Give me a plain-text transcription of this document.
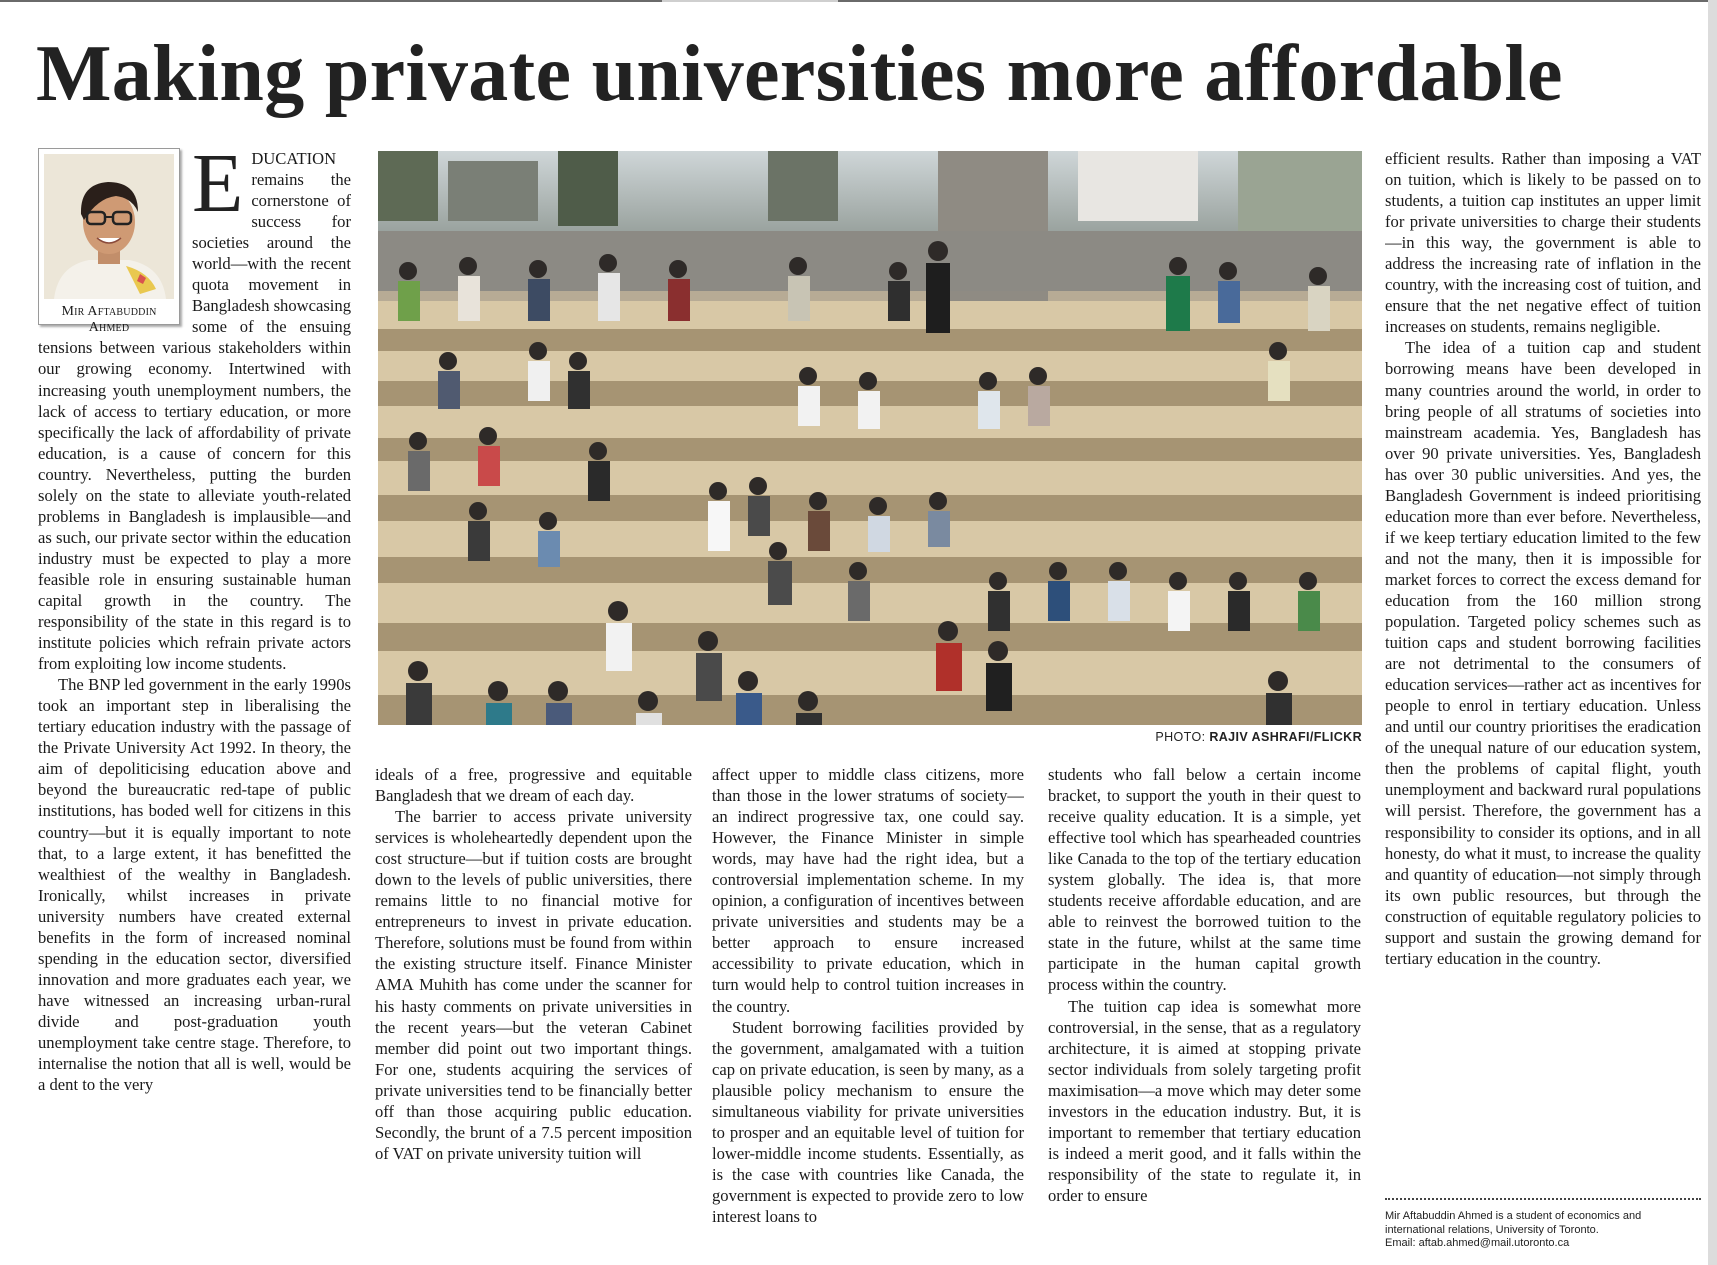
Making private universities more affordable
Mir Aftabuddin
Ahmed

EDUCATION remains the cornerstone of success for societies around the world—with the recent quota movement in Bangladesh showcasing some of the ensuing tensions between various stakeholders within our growing economy. Intertwined with increasing youth unemployment numbers, the lack of access to tertiary education, or more specifically the lack of affordability of private education, is a cause of concern for this country. Nevertheless, putting the burden solely on the state to alleviate youth-related problems in Bangladesh is implausible—and as such, our private sector within the education industry must be expected to play a more feasible role in ensuring sustainable human capital growth in the country. The responsibility of the state in this regard is to institute policies which refrain private actors from exploiting low income students.

The BNP led government in the early 1990s took an important step in liberalising the tertiary education industry with the passage of the Private University Act 1992. In theory, the aim of depoliticising education above and beyond the bureaucratic red-tape of public institutions, has boded well for citizens in this country—but it is equally important to note that, to a large extent, it has benefitted the wealthiest of the wealthy in Bangladesh. Ironically, whilst increases in private university numbers have created external benefits in the form of increased nominal spending in the education sector, diversified innovation and more graduates each year, we have witnessed an increasing urban-rural divide and post-graduation youth unemployment take centre stage. Therefore, to internalise the notion that all is well, would be a dent to the very

PHOTO: RAJIV ASHRAFI/FLICKR

ideals of a free, progressive and equitable Bangladesh that we dream of each day.

The barrier to access private university services is wholeheartedly dependent upon the cost structure—but if tuition costs are brought down to the levels of public universities, there remains little to no financial motive for entrepreneurs to invest in private education. Therefore, solutions must be found from within the existing structure itself. Finance Minister AMA Muhith has come under the scanner for his hasty comments on private universities in the recent years—but the veteran Cabinet member did point out two important things. For one, students acquiring the services of private universities tend to be financially better off than those acquiring public education. Secondly, the brunt of a 7.5 percent imposition of VAT on private university tuition will

affect upper to middle class citizens, more than those in the lower stratums of society—an indirect progressive tax, one could say. However, the Finance Minister in simple words, may have had the right idea, but a controversial implementation scheme. In my opinion, a configuration of incentives between private universities and students may be a better approach to ensure increased accessibility to private education, which in turn would help to control tuition increases in the country.

Student borrowing facilities provided by the government, amalgamated with a tuition cap on private education, is seen by many, as a plausible policy mechanism to ensure the simultaneous viability for private universities to prosper and an equitable level of tuition for lower-middle income students. Essentially, as is the case with countries like Canada, the government is expected to provide zero to low interest loans to

students who fall below a certain income bracket, to support the youth in their quest to receive quality education. It is a simple, yet effective tool which has spearheaded countries like Canada to the top of the tertiary education system globally. The idea is, that more students receive affordable education, and are able to reinvest the borrowed tuition to the state in the future, whilst at the same time participate in the human capital growth process within the country.

The tuition cap idea is somewhat more controversial, in the sense, that as a regulatory architecture, it is aimed at stopping private sector individuals from solely targeting profit maximisation—a move which may deter some investors in the education industry. But, it is important to remember that tertiary education is indeed a merit good, and it falls within the responsibility of the state to regulate it, in order to ensure

efficient results. Rather than imposing a VAT on tuition, which is likely to be passed on to students, a tuition cap institutes an upper limit for private universities to charge their students—in this way, the government is able to address the increasing rate of inflation in the country, with the increasing cost of tuition, and ensure that the net negative effect of tuition increases on students, remains negligible.

The idea of a tuition cap and student borrowing means have been developed in many countries around the world, in order to bring people of all stratums of societies into mainstream academia. Yes, Bangladesh has over 90 private universities. Yes, Bangladesh has over 30 public universities. And yes, the Bangladesh Government is indeed prioritising education more than ever before. Nevertheless, if we keep tertiary education limited to the few and not the many, then it is impossible for market forces to correct the excess demand for education from the 160 million strong population. Targeted policy schemes such as tuition caps and student borrowing facilities are not detrimental to the consumers of education services—rather act as incentives for people to enrol in tertiary education. Unless and until our country prioritises the eradication of the unequal nature of our education system, then the problems of capital flight, youth unemployment and backward rural populations will persist. Therefore, the government has a responsibility to consider its options, and in all honesty, do what it must, to increase the quality and quantity of education—not simply through its own public resources, but through the construction of equitable regulatory policies to support and sustain the growing demand for tertiary education in the country.

Mir Aftabuddin Ahmed is a student of economics and international relations, University of Toronto.
Email: aftab.ahmed@mail.utoronto.ca
